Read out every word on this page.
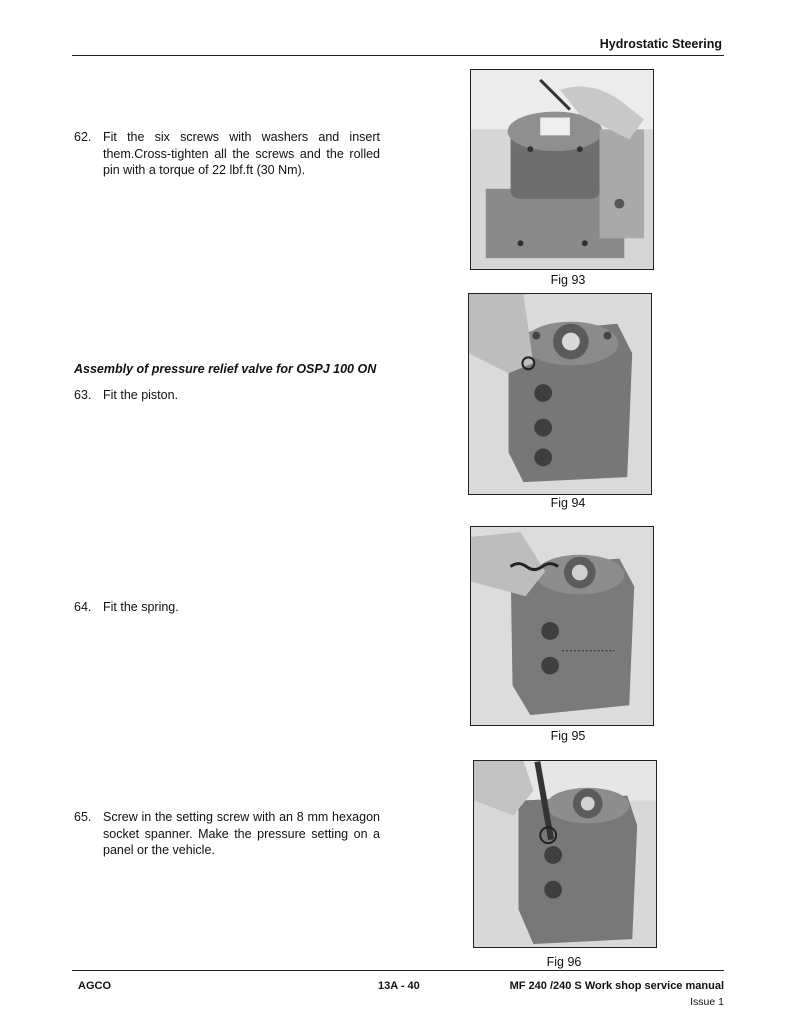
Hydrostatic Steering
62. Fit the six screws with washers and insert them.Cross-tighten all the screws and the rolled pin with a torque of 22 lbf.ft (30 Nm).
Assembly of pressure relief valve for OSPJ 100 ON
63. Fit the piston.
64. Fit the spring.
65. Screw in the setting screw with an 8 mm hexagon socket spanner. Make the pressure setting on a panel or the vehicle.
Fig 93
Fig 94
Fig 95
Fig 96
AGCO	13A - 40	MF 240 /240 S Work shop service manual
Issue 1
